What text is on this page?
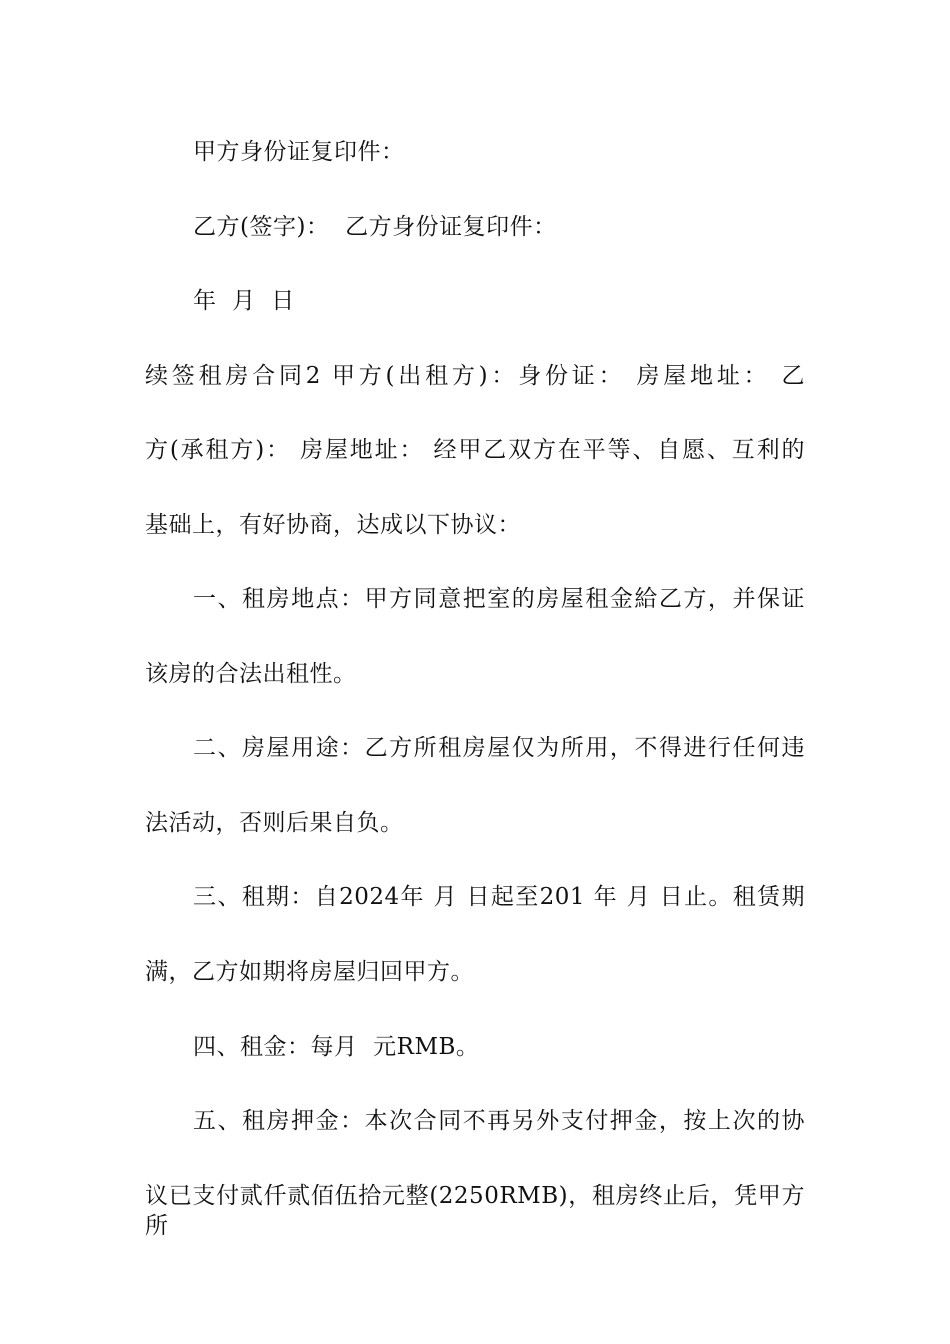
甲方身份证复印件：
乙方(签字)：  乙方身份证复印件：
年  月  日
续签租房合同2 甲方(出租方)：身份证： 房屋地址： 乙
方(承租方)： 房屋地址： 经甲乙双方在平等、自愿、互利的
基础上，有好协商，达成以下协议：
一、租房地点：甲方同意把室的房屋租金給乙方，并保证
该房的合法出租性。
二、房屋用途：乙方所租房屋仅为所用，不得进行任何违
法活动，否则后果自负。
三、租期：自2024年 月 日起至201 年 月 日止。租赁期
满，乙方如期将房屋归回甲方。
四、租金：每月  元RMB。
五、租房押金：本次合同不再另外支付押金，按上次的协
议已支付贰仟贰佰伍拾元整(2250RMB)，租房终止后，凭甲方所
